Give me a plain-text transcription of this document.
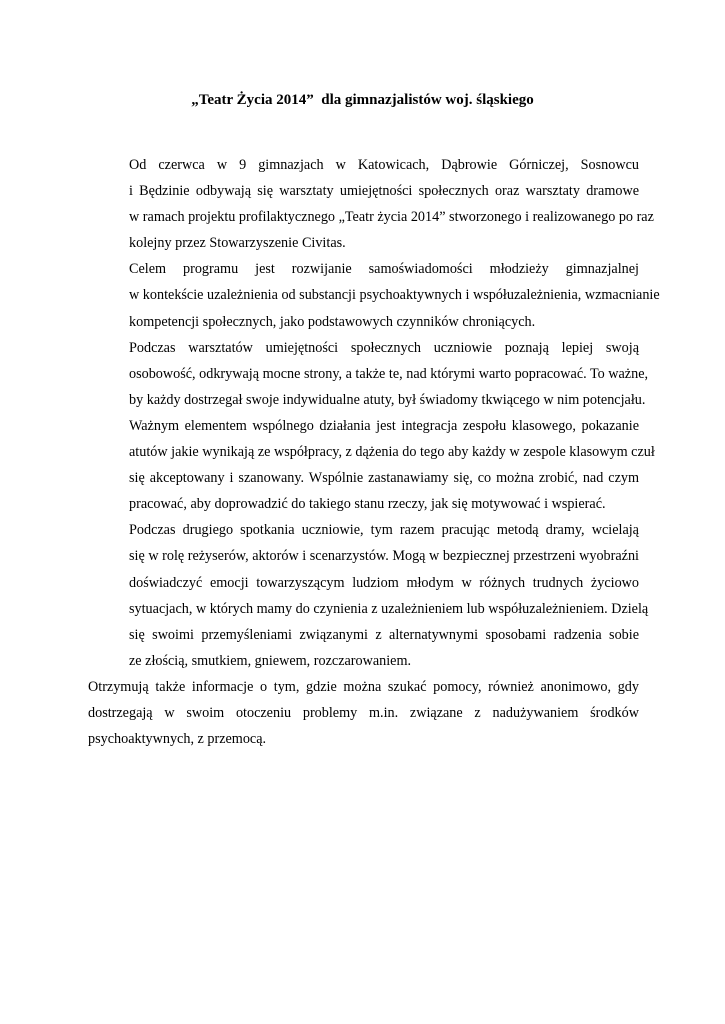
„Teatr Życia 2014”  dla gimnazjalistów woj. śląskiego

Od czerwca w 9 gimnazjach w Katowicach, Dąbrowie Górniczej, Sosnowcu
i Będzinie odbywają się warsztaty umiejętności społecznych oraz warsztaty dramowe
w ramach projektu profilaktycznego „Teatr życia 2014” stworzonego i realizowanego po raz
kolejny przez Stowarzyszenie Civitas.

Celem programu jest rozwijanie samoświadomości młodzieży gimnazjalnej
w kontekście uzależnienia od substancji psychoaktywnych i współuzależnienia, wzmacnianie
kompetencji społecznych, jako podstawowych czynników chroniących.

Podczas warsztatów umiejętności społecznych uczniowie poznają lepiej swoją
osobowość, odkrywają mocne strony, a także te, nad którymi warto popracować. To ważne,
by każdy dostrzegał swoje indywidualne atuty, był świadomy tkwiącego w nim potencjału.
Ważnym elementem wspólnego działania jest integracja zespołu klasowego, pokazanie
atutów jakie wynikają ze współpracy, z dążenia do tego aby każdy w zespole klasowym czuł
się akceptowany i szanowany. Wspólnie zastanawiamy się, co można zrobić, nad czym
pracować, aby doprowadzić do takiego stanu rzeczy, jak się motywować i wspierać.

Podczas drugiego spotkania uczniowie, tym razem pracując metodą dramy, wcielają
się w rolę reżyserów, aktorów i scenarzystów. Mogą w bezpiecznej przestrzeni wyobraźni
doświadczyć emocji towarzyszącym ludziom młodym w różnych trudnych życiowo
sytuacjach, w których mamy do czynienia z uzależnieniem lub współuzależnieniem. Dzielą
się swoimi przemyśleniami związanymi z alternatywnymi sposobami radzenia sobie
ze złością, smutkiem, gniewem, rozczarowaniem.

Otrzymują także informacje o tym, gdzie można szukać pomocy, również anonimowo, gdy
dostrzegają w swoim otoczeniu problemy m.in. związane z nadużywaniem środków
psychoaktywnych, z przemocą.
